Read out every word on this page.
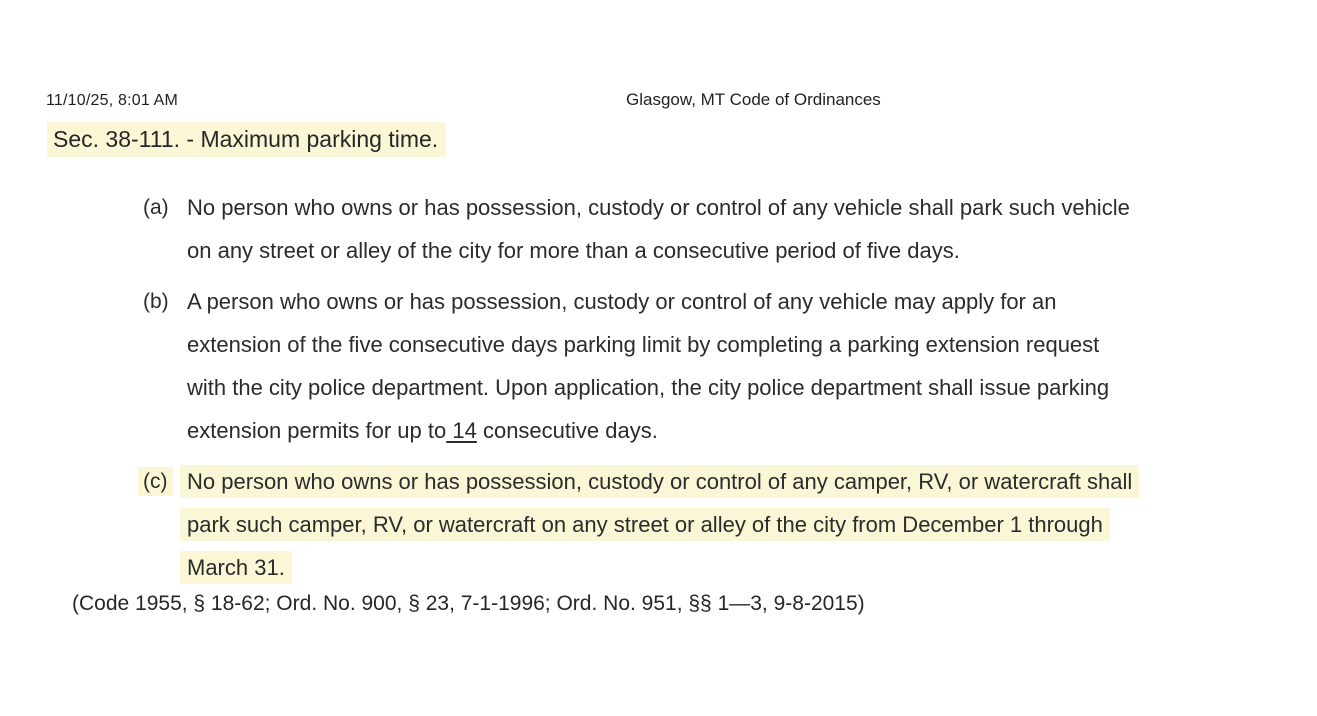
11/10/25, 8:01 AM	Glasgow, MT Code of Ordinances
Sec. 38-111. - Maximum parking time.
(a) No person who owns or has possession, custody or control of any vehicle shall park such vehicle
on any street or alley of the city for more than a consecutive period of five days.
(b) A person who owns or has possession, custody or control of any vehicle may apply for an
extension of the five consecutive days parking limit by completing a parking extension request
with the city police department. Upon application, the city police department shall issue parking
extension permits for up to 14 consecutive days.
(c) No person who owns or has possession, custody or control of any camper, RV, or watercraft shall
park such camper, RV, or watercraft on any street or alley of the city from December 1 through
March 31.
(Code 1955, § 18-62; Ord. No. 900, § 23, 7-1-1996; Ord. No. 951, §§ 1—3, 9-8-2015)
